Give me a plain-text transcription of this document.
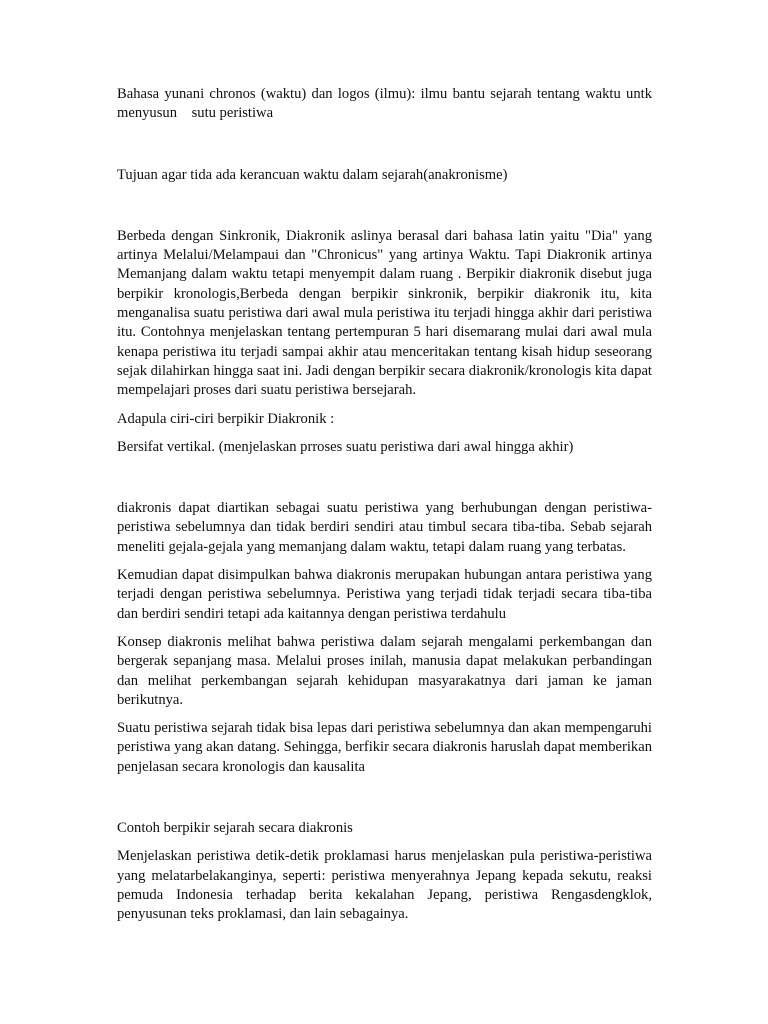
Bahasa yunani chronos (waktu) dan logos (ilmu): ilmu bantu sejarah tentang waktu untk menyusun    sutu peristiwa

Tujuan agar tida ada kerancuan waktu dalam sejarah(anakronisme)

Berbeda dengan Sinkronik, Diakronik aslinya berasal dari bahasa latin yaitu "Dia" yang artinya Melalui/Melampaui dan "Chronicus" yang artinya Waktu. Tapi Diakronik artinya   Memanjang dalam waktu tetapi menyempit dalam ruang . Berpikir diakronik disebut juga berpikir kronologis,Berbeda dengan berpikir sinkronik, berpikir diakronik itu, kita menganalisa suatu peristiwa dari awal mula peristiwa itu terjadi hingga akhir dari peristiwa itu. Contohnya menjelaskan tentang pertempuran 5 hari disemarang mulai dari awal mula kenapa peristiwa itu terjadi sampai akhir atau menceritakan tentang kisah hidup seseorang sejak dilahirkan hingga saat ini. Jadi dengan berpikir secara diakronik/kronologis kita dapat mempelajari proses dari suatu peristiwa bersejarah.

Adapula ciri-ciri berpikir Diakronik :

Bersifat vertikal. (menjelaskan prroses suatu peristiwa dari awal hingga akhir)

diakronis dapat diartikan sebagai suatu peristiwa yang berhubungan dengan peristiwa-peristiwa sebelumnya dan tidak berdiri sendiri atau timbul secara tiba-tiba. Sebab sejarah meneliti gejala-gejala yang memanjang dalam waktu, tetapi dalam ruang yang terbatas.

Kemudian dapat disimpulkan bahwa diakronis merupakan hubungan antara peristiwa yang terjadi dengan peristiwa sebelumnya. Peristiwa yang terjadi tidak terjadi secara tiba-tiba dan berdiri sendiri tetapi ada kaitannya dengan peristiwa terdahulu

Konsep diakronis melihat bahwa peristiwa dalam sejarah mengalami perkembangan dan bergerak sepanjang masa. Melalui proses inilah, manusia dapat melakukan perbandingan dan melihat perkembangan sejarah kehidupan masyarakatnya dari jaman ke jaman berikutnya.

Suatu peristiwa sejarah tidak bisa lepas dari peristiwa sebelumnya dan akan mempengaruhi peristiwa yang akan datang. Sehingga, berfikir secara diakronis haruslah dapat memberikan penjelasan secara kronologis dan kausalita

Contoh berpikir sejarah secara diakronis

Menjelaskan peristiwa detik-detik proklamasi harus menjelaskan pula peristiwa-peristiwa yang melatarbelakanginya, seperti: peristiwa menyerahnya Jepang kepada sekutu, reaksi pemuda Indonesia terhadap berita kekalahan Jepang, peristiwa Rengasdengklok, penyusunan teks proklamasi, dan lain sebagainya.
